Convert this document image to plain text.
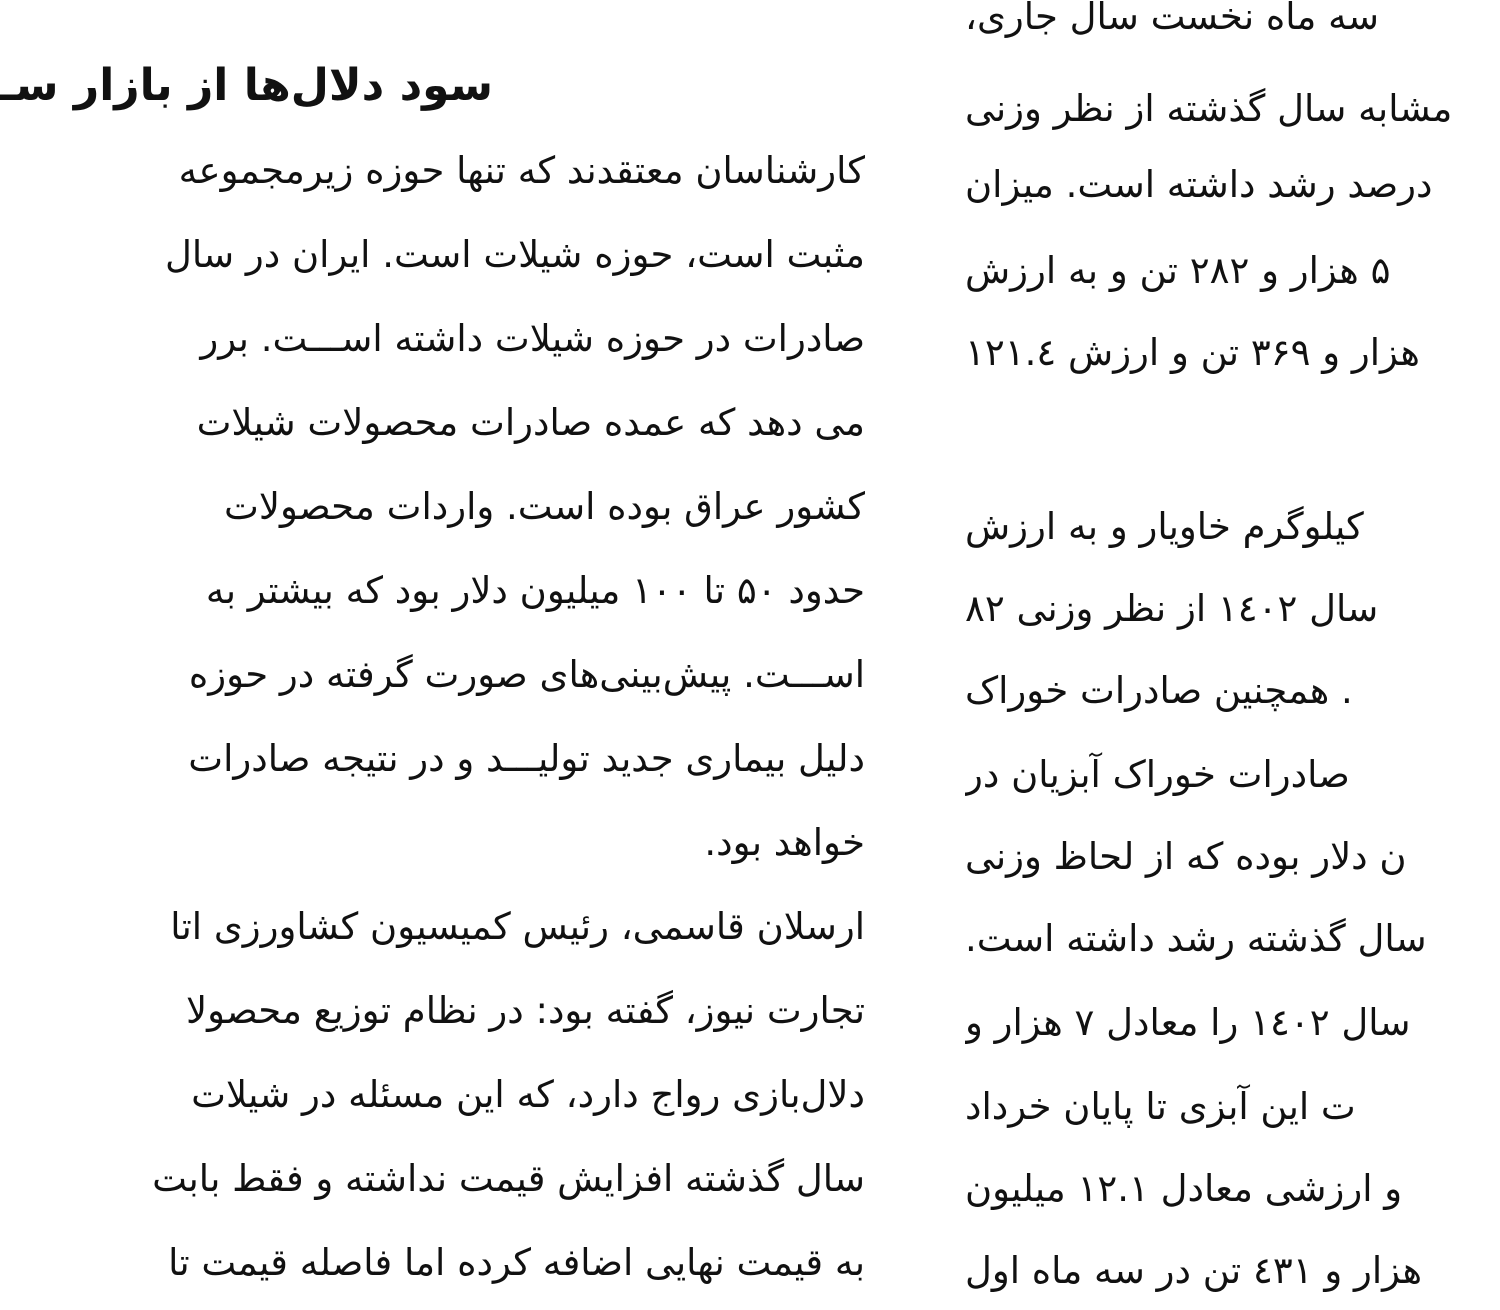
سه ماه نخست سال جاری،
مشابه سال گذشته از نظر وزنی
درصد رشد داشته است. میزان
۵ هزار و ۲۸۲ تن و به ارزش
هزار و ۳۶۹ تن و ارزش ۱۲۱.٤
کیلوگرم خاویار و به ارزش
سال ۱٤۰۲ از نظر وزنی ۸۲
. همچنین صادرات خوراک
صادرات خوراک آبزیان در
ن دلار بوده که از لحاظ وزنی
سال گذشته رشد داشته است.
سال ۱٤۰۲ را معادل ۷ هزار و
ت این آبزی تا پایان خرداد
و ارزشی معادل ۱۲.۱ میلیون
هزار و ٤۳۱ تن در سه ماه اول
سود دلال‌ها از بازار سـ
کارشناسان معتقدند که تنها حوزه زیرمجموعه
مثبت است، حوزه شیلات است. ایران در سال
صادرات در حوزه شیلات داشته اســـت. برر
می دهد که عمده صادرات محصولات شیلات
کشور عراق بوده است. واردات محصولات
حدود ۵۰ تا ۱۰۰ میلیون دلار بود که بیشتر به
اســـت. پیش‌بینی‌های صورت گرفته در حوزه
دلیل بیماری جدید تولیـــد و در نتیجه صادرات
خواهد بود.
ارسلان قاسمی، رئیس کمیسیون کشاورزی اتا
تجارت نیوز، گفته بود: در نظام توزیع محصولا
دلال‌بازی رواج دارد، که این مسئله در شیلات
سال گذشته افزایش قیمت نداشته و فقط بابت
به قیمت نهایی اضافه کرده اما فاصله قیمت تا
